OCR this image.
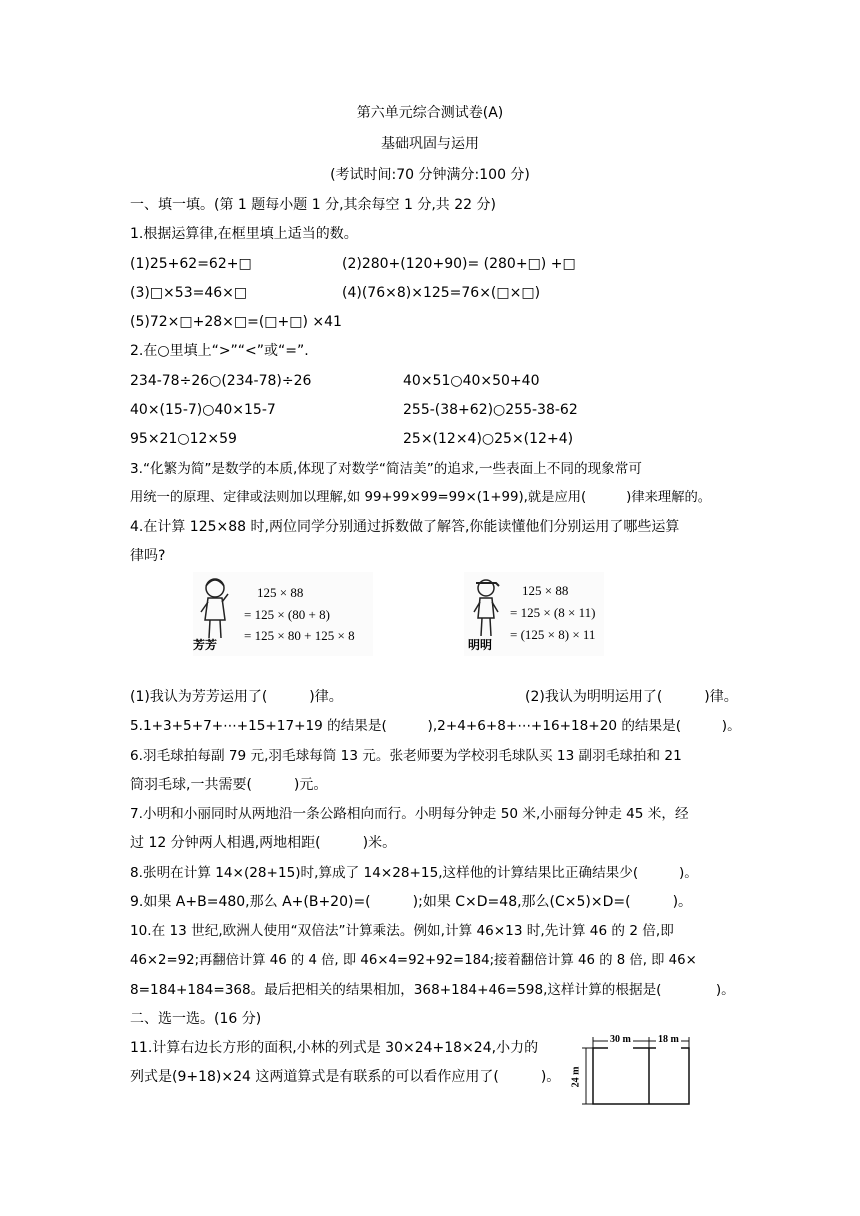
第六单元综合测试卷(A)
基础巩固与运用
(考试时间:70 分钟满分:100 分)
一、填一填。(第 1 题每小题 1 分,其余每空 1 分,共 22 分)
1.根据运算律,在框里填上适当的数。
(1)25+62=62+□	(2)280+(120+90)= (280+□) +□
(3)□×53=46×□	(4)(76×8)×125=76×(□×□)
(5)72×□+28×□=(□+□) ×41
2.在○里填上“>”“<”或“=”.
234-78÷26○(234-78)÷26	40×51○40×50+40
40×(15-7)○40×15-7	255-(38+62)○255-38-62
95×21○12×59	25×(12×4)○25×(12+4)
3.“化繁为简”是数学的本质,体现了对数学“简洁美”的追求,一些表面上不同的现象常可
用统一的原理、定律或法则加以理解,如 99+99×99=99×(1+99),就是应用(　　　)律来理解的。
4.在计算 125×88 时,两位同学分别通过拆数做了解答,你能读懂他们分别运用了哪些运算
律吗?
芳芳
125 × 88
= 125 × (80 + 8)
= 125 × 80 + 125 × 8
明明
125 × 88
= 125 × (8 × 11)
= (125 × 8) × 11
(1)我认为芳芳运用了(　　　)律。	(2)我认为明明运用了(　　　)律。
5.1+3+5+7+⋯+15+17+19 的结果是(　　　),2+4+6+8+⋯+16+18+20 的结果是(　　　)。
6.羽毛球拍每副 79 元,羽毛球每筒 13 元。张老师要为学校羽毛球队买 13 副羽毛球拍和 21
筒羽毛球,一共需要(　　　)元。
7.小明和小丽同时从两地沿一条公路相向而行。小明每分钟走 50 米,小丽每分钟走 45 米，经
过 12 分钟两人相遇,两地相距(　　　)米。
8.张明在计算 14×(28+15)时,算成了 14×28+15,这样他的计算结果比正确结果少(　　　)。
9.如果 A+B=480,那么 A+(B+20)=(　　　);如果 C×D=48,那么(C×5)×D=(　　　)。
10.在 13 世纪,欧洲人使用“双倍法”计算乘法。例如,计算 46×13 时,先计算 46 的 2 倍,即
46×2=92;再翻倍计算 46 的 4 倍, 即 46×4=92+92=184;接着翻倍计算 46 的 8 倍, 即 46×
8=184+184=368。最后把相关的结果相加，368+184+46=598,这样计算的根据是(　　　　)。
二、选一选。(16 分)
11.计算右边长方形的面积,小林的列式是 30×24+18×24,小力的
列式是(9+18)×24 这两道算式是有联系的可以看作应用了(　　　)。
30 m	18 m
24 m
